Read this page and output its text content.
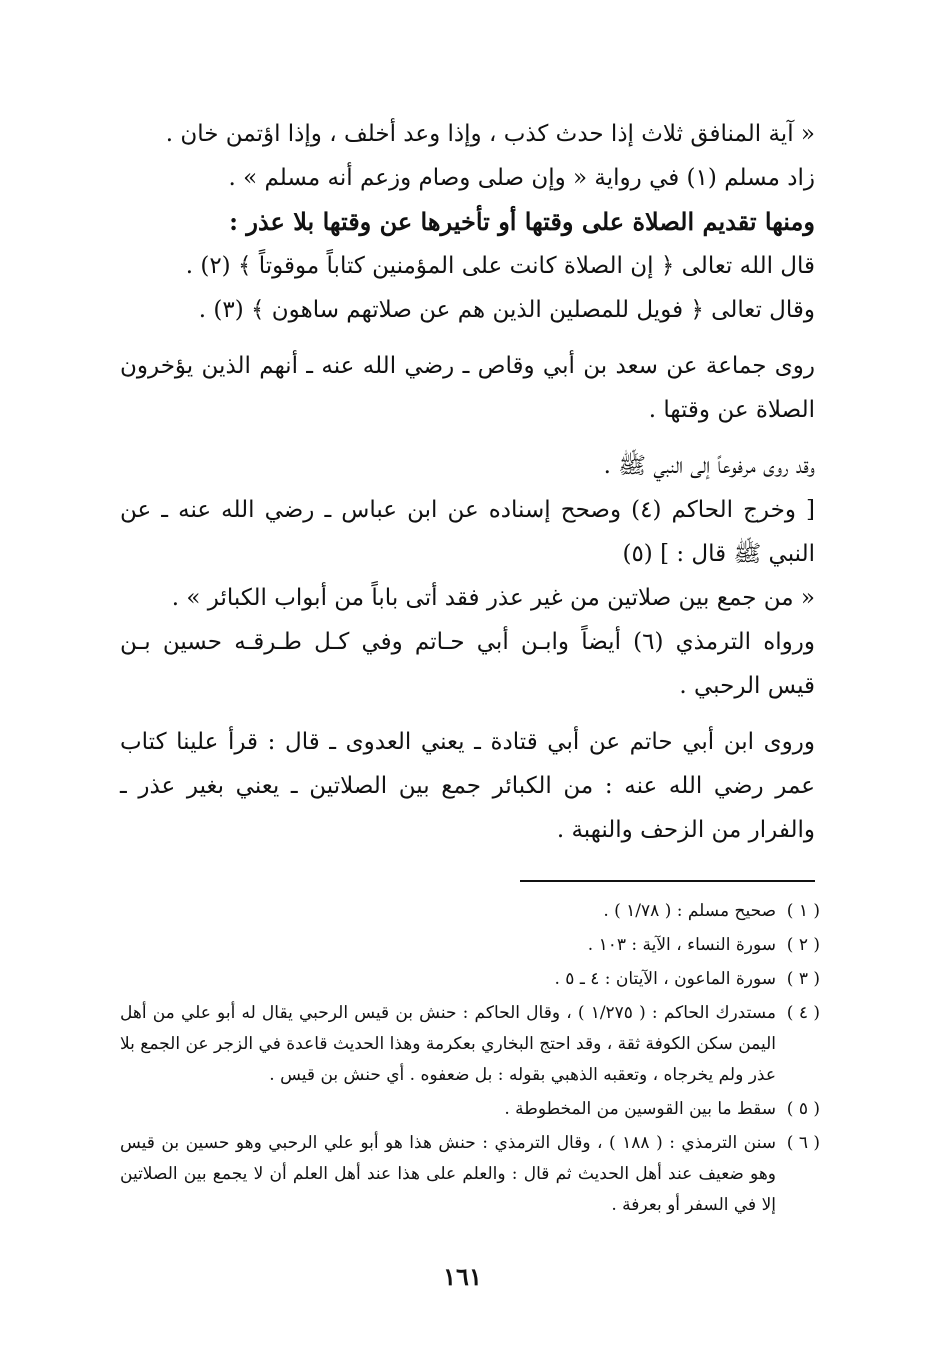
« آية المنافق ثلاث إذا حدث كذب ، وإذا وعد أخلف ، وإذا اؤتمن خان .

زاد مسلم (١) في رواية « وإن صلى وصام وزعم أنه مسلم » .

ومنها تقديم الصلاة على وقتها أو تأخيرها عن وقتها بلا عذر :

قال الله تعالى ﴿ إن الصلاة كانت على المؤمنين كتاباً موقوتاً ﴾ (٢) .

وقال تعالى ﴿ فويل للمصلين الذين هم عن صلاتهم ساهون ﴾ (٣) .

روى جماعة عن سعد بن أبي وقاص ـ رضي الله عنه ـ أنهم الذين يؤخرون الصلاة عن وقتها .

وقد روى مرفوعاً إلى النبي ﷺ .

[ وخرج الحاكم (٤) وصحح إسناده عن ابن عباس ـ رضي الله عنه ـ عن النبي ﷺ قال : ] (٥)

« من جمع بين صلاتين من غير عذر فقد أتى باباً من أبواب الكبائر » .

ورواه الترمذي (٦) أيضاً وابـن أبي حـاتم وفي كـل طـرقـه حسين بـن قيس الرحبي .

وروى ابن أبي حاتم عن أبي قتادة ـ يعني العدوى ـ قال : قرأ علينا كتاب عمر رضي الله عنه : من الكبائر جمع بين الصلاتين ـ يعني بغير عذر ـ والفرار من الزحف والنهبة .

( ١ )
صحيح مسلم : ( ١/٧٨ ) .
( ٢ )
سورة النساء ، الآية : ١٠٣ .
( ٣ )
سورة الماعون ، الآيتان : ٤ ـ ٥ .
( ٤ )
مستدرك الحاكم : ( ١/٢٧٥ ) ، وقال الحاكم : حنش بن قيس الرحبي يقال له أبو علي من أهل اليمن سكن الكوفة ثقة ، وقد احتج البخاري بعكرمة وهذا الحديث قاعدة في الزجر عن الجمع بلا عذر ولم يخرجاه ، وتعقبه الذهبي بقوله : بل ضعفوه . أي حنش بن قيس .
( ٥ )
سقط ما بين القوسين من المخطوطة .
( ٦ )
سنن الترمذي : ( ١٨٨ ) ، وقال الترمذي : حنش هذا هو أبو علي الرحبي وهو حسين بن قيس وهو ضعيف عند أهل الحديث ثم قال : والعلم على هذا عند أهل العلم أن لا يجمع بين الصلاتين إلا في السفر أو بعرفة .
١٦١
